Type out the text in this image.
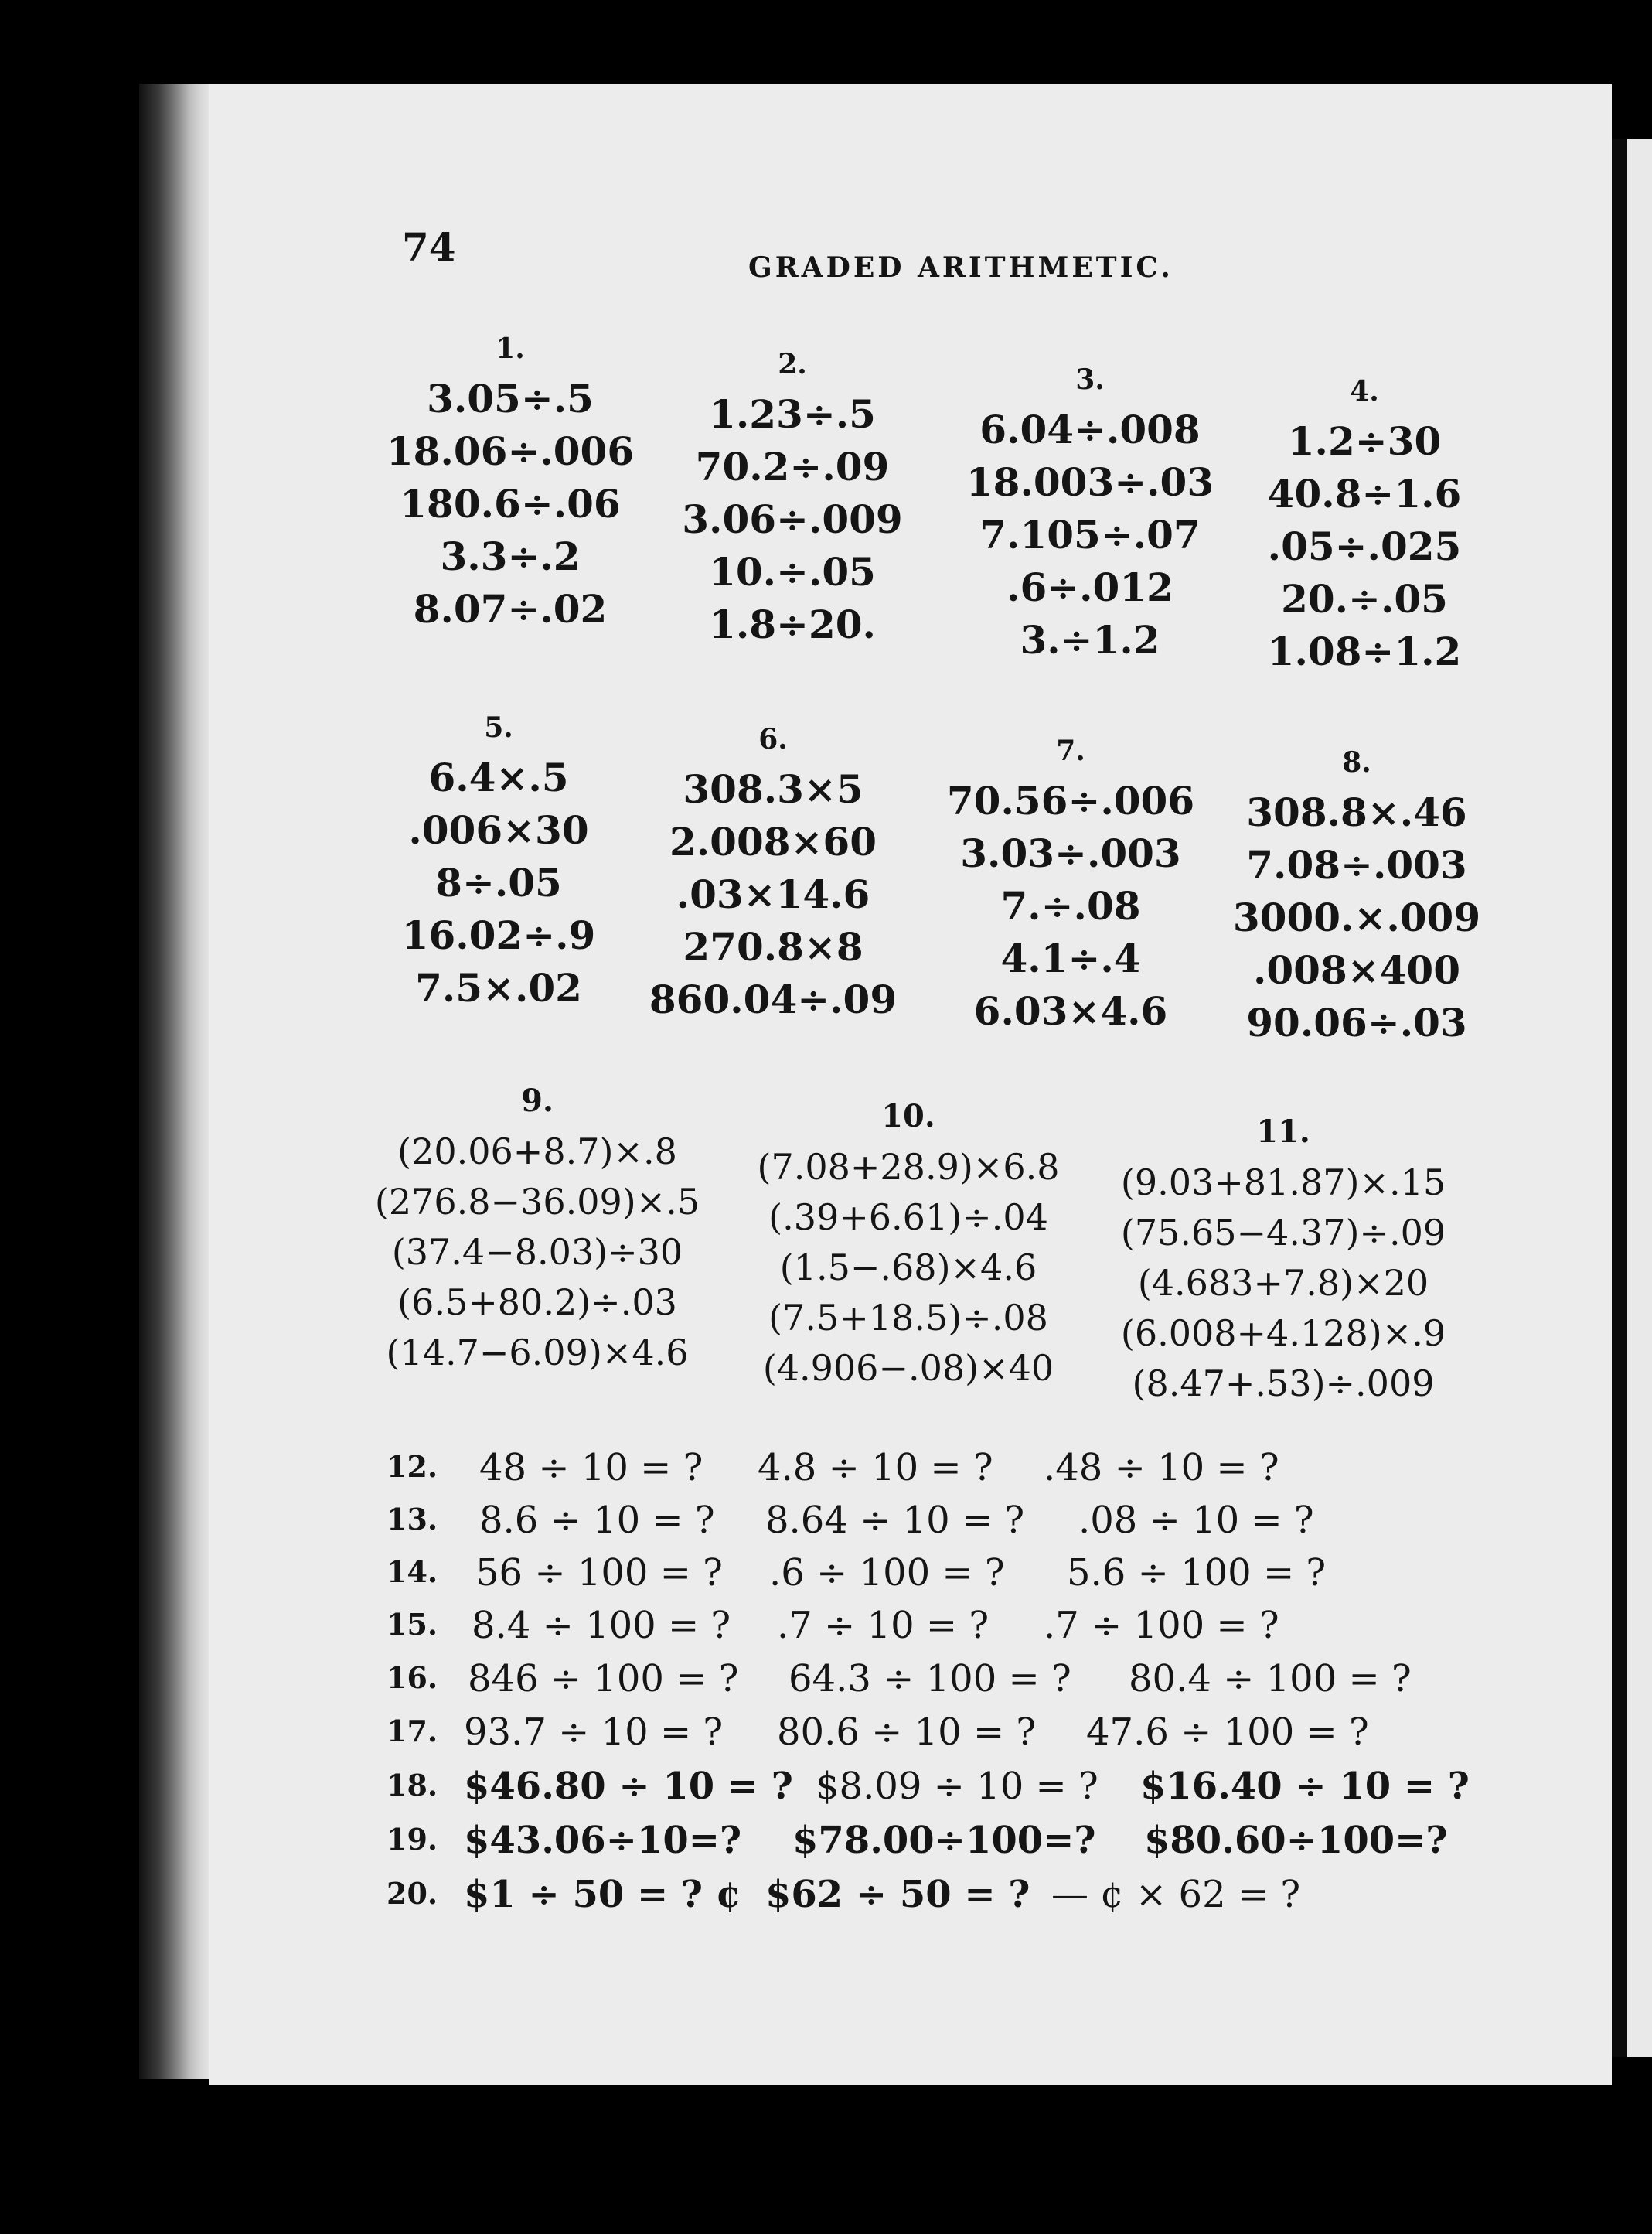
74	GRADED ARITHMETIC.
1.
3.05÷.5
18.06÷.006
180.6÷.06
3.3÷.2
8.07÷.02
2.
1.23÷.5
70.2÷.09
3.06÷.009
10.÷.05
1.8÷20.
3.
6.04÷.008
18.003÷.03
7.105÷.07
.6÷.012
3.÷1.2
4.
1.2÷30
40.8÷1.6
.05÷.025
20.÷.05
1.08÷1.2
5.
6.4×.5
.006×30
8÷.05
16.02÷.9
7.5×.02
6.
308.3×5
2.008×60
.03×14.6
270.8×8
860.04÷.09
7.
70.56÷.006
3.03÷.003
7.÷.08
4.1÷.4
6.03×4.6
8.
308.8×.46
7.08÷.003
3000.×.009
.008×400
90.06÷.03
9.
(20.06+8.7)×.8
(276.8−36.09)×.5
(37.4−8.03)÷30
(6.5+80.2)÷.03
(14.7−6.09)×4.6
10.
(7.08+28.9)×6.8
(.39+6.61)÷.04
(1.5−.68)×4.6
(7.5+18.5)÷.08
(4.906−.08)×40
11.
(9.03+81.87)×.15
(75.65−4.37)÷.09
(4.683+7.8)×20
(6.008+4.128)×.9
(8.47+.53)÷.009
12. 48 ÷ 10 = ? 4.8 ÷ 10 = ? .48 ÷ 10 = ?
13. 8.6 ÷ 10 = ? 8.64 ÷ 10 = ? .08 ÷ 10 = ?
14. 56 ÷ 100 = ? .6 ÷ 100 = ? 5.6 ÷ 100 = ?
15. 8.4 ÷ 100 = ? .7 ÷ 10 = ? .7 ÷ 100 = ?
16. 846 ÷ 100 = ? 64.3 ÷ 100 = ? 80.4 ÷ 100 = ?
17. 93.7 ÷ 10 = ? 80.6 ÷ 10 = ? 47.6 ÷ 100 = ?
18. $46.80 ÷ 10 = ? $8.09 ÷ 10 = ? $16.40 ÷ 10 = ?
19. $43.06÷10=? $78.00÷100=? $80.60÷100=?
20. $1 ÷ 50 = ? ¢ $62 ÷ 50 = ? — ¢ × 62 = ?
